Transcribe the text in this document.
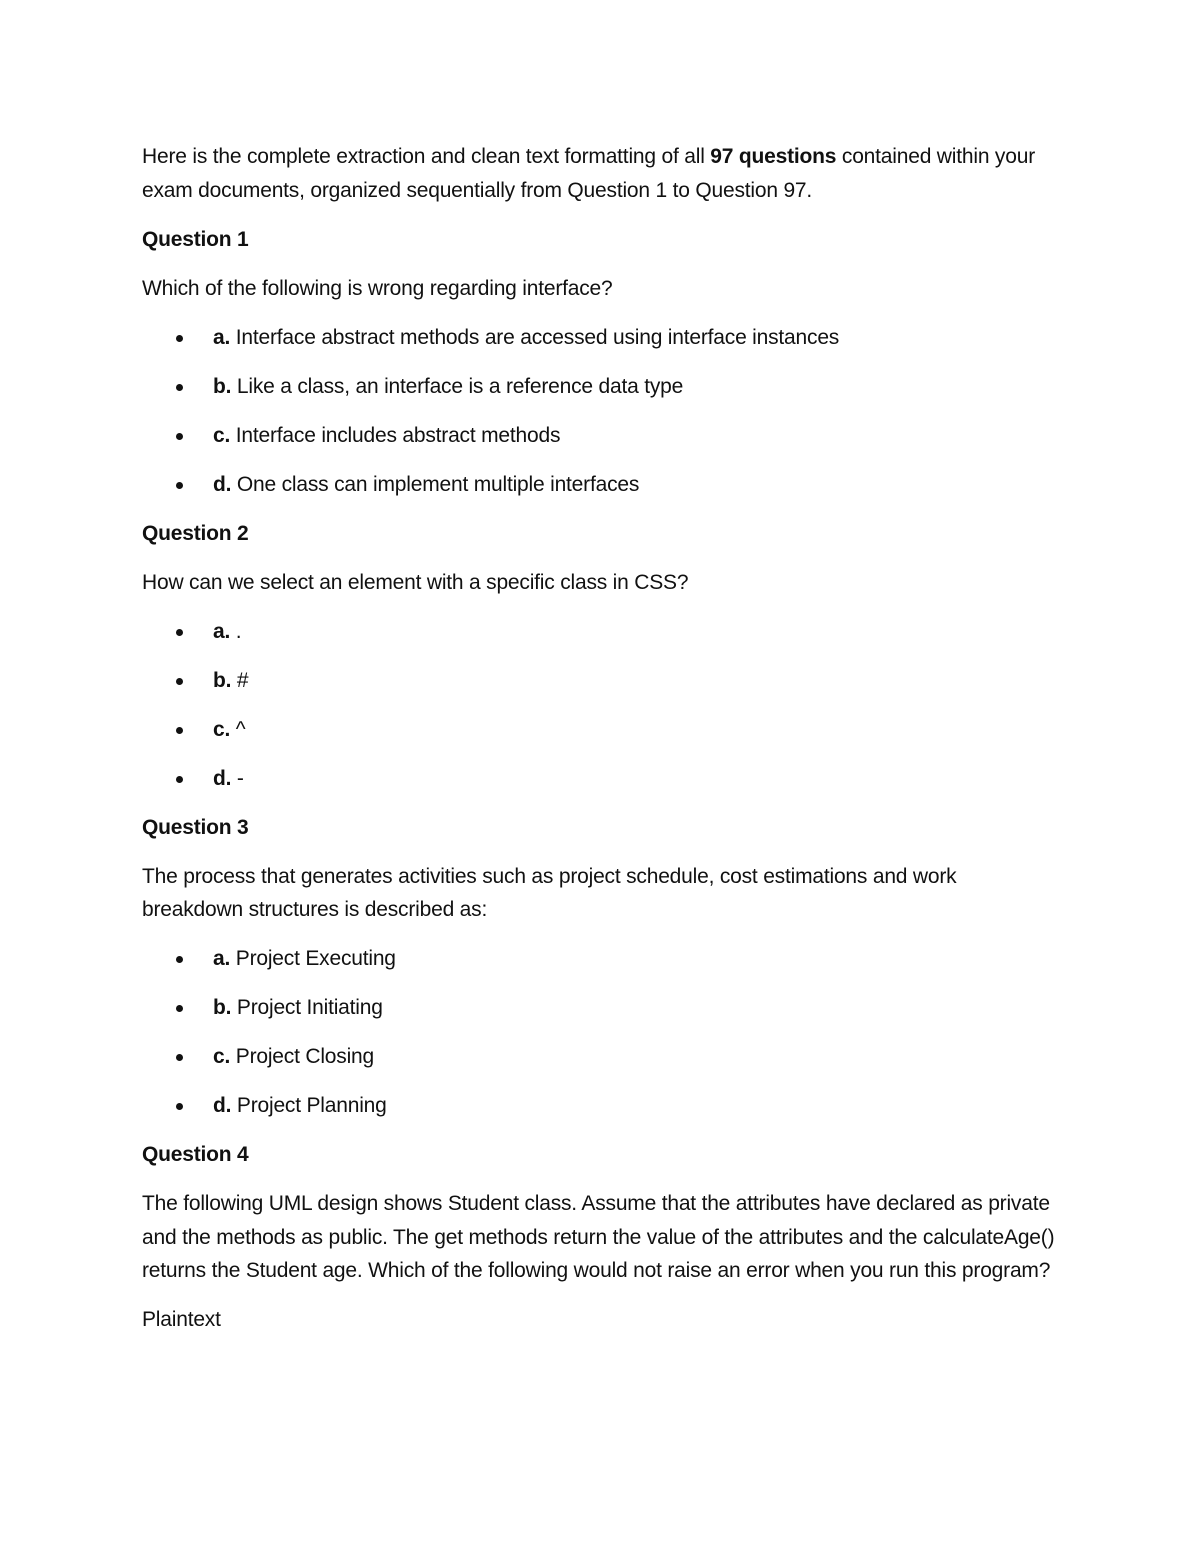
Here is the complete extraction and clean text formatting of all 97 questions contained within your exam documents, organized sequentially from Question 1 to Question 97.

Question 1

Which of the following is wrong regarding interface?

a. Interface abstract methods are accessed using interface instances
b. Like a class, an interface is a reference data type
c. Interface includes abstract methods
d. One class can implement multiple interfaces

Question 2

How can we select an element with a specific class in CSS?

a. .
b. #
c. ^
d. -

Question 3

The process that generates activities such as project schedule, cost estimations and work breakdown structures is described as:

a. Project Executing
b. Project Initiating
c. Project Closing
d. Project Planning

Question 4

The following UML design shows Student class. Assume that the attributes have declared as private and the methods as public. The get methods return the value of the attributes and the calculateAge() returns the Student age. Which of the following would not raise an error when you run this program?

Plaintext
